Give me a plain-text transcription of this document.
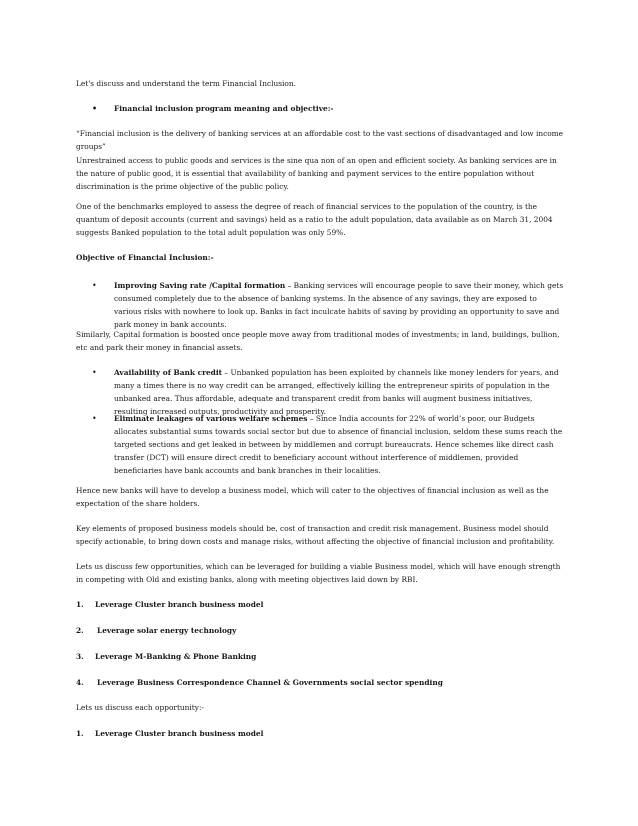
Let's discuss and understand the term Financial Inclusion.

• Financial inclusion program meaning and objective:-

“Financial inclusion is the delivery of banking services at an affordable cost to the vast sections of disadvantaged and low income groups”

Unrestrained access to public goods and services is the sine qua non of an open and efficient society. As banking services are in the nature of public good, it is essential that availability of banking and payment services to the entire population without discrimination is the prime objective of the public policy.

One of the benchmarks employed to assess the degree of reach of financial services to the population of the country, is the quantum of deposit accounts (current and savings) held as a ratio to the adult population, data available as on March 31, 2004 suggests Banked population to the total adult population was only 59%.

Objective of Financial Inclusion:-

• Improving Saving rate /Capital formation – Banking services will encourage people to save their money, which gets consumed completely due to the absence of banking systems. In the absence of any savings, they are exposed to various risks with nowhere to look up. Banks in fact inculcate habits of saving by providing an opportunity to save and park money in bank accounts.

Similarly, Capital formation is boosted once people move away from traditional modes of investments; in land, buildings, bullion, etc and park their money in financial assets.

• Availability of Bank credit – Unbanked population has been exploited by channels like money lenders for years, and many a times there is no way credit can be arranged, effectively killing the entrepreneur spirits of population in the unbanked area. Thus affordable, adequate and transparent credit from banks will augment business initiatives, resulting increased outputs, productivity and prosperity.
• Eliminate leakages of various welfare schemes – Since India accounts for 22% of world’s poor, our Budgets allocates substantial sums towards social sector but due to absence of financial inclusion, seldom these sums reach the targeted sections and get leaked in between by middlemen and corrupt bureaucrats. Hence schemes like direct cash transfer (DCT) will ensure direct credit to beneficiary account without interference of middlemen, provided beneficiaries have bank accounts and bank branches in their localities.

Hence new banks will have to develop a business model, which will cater to the objectives of financial inclusion as well as the expectation of the share holders.

Key elements of proposed business models should be, cost of transaction and credit risk management. Business model should specify actionable, to bring down costs and manage risks, without affecting the objective of financial inclusion and profitability.

Lets us discuss few opportunities, which can be leveraged for building a viable Business model, which will have enough strength in competing with Old and existing banks, along with meeting objectives laid down by RBI.

1. Leverage Cluster branch business model
2. Leverage solar energy technology
3. Leverage M-Banking & Phone Banking
4. Leverage Business Correspondence Channel & Governments social sector spending

Lets us discuss each opportunity:-

1. Leverage Cluster branch business model
